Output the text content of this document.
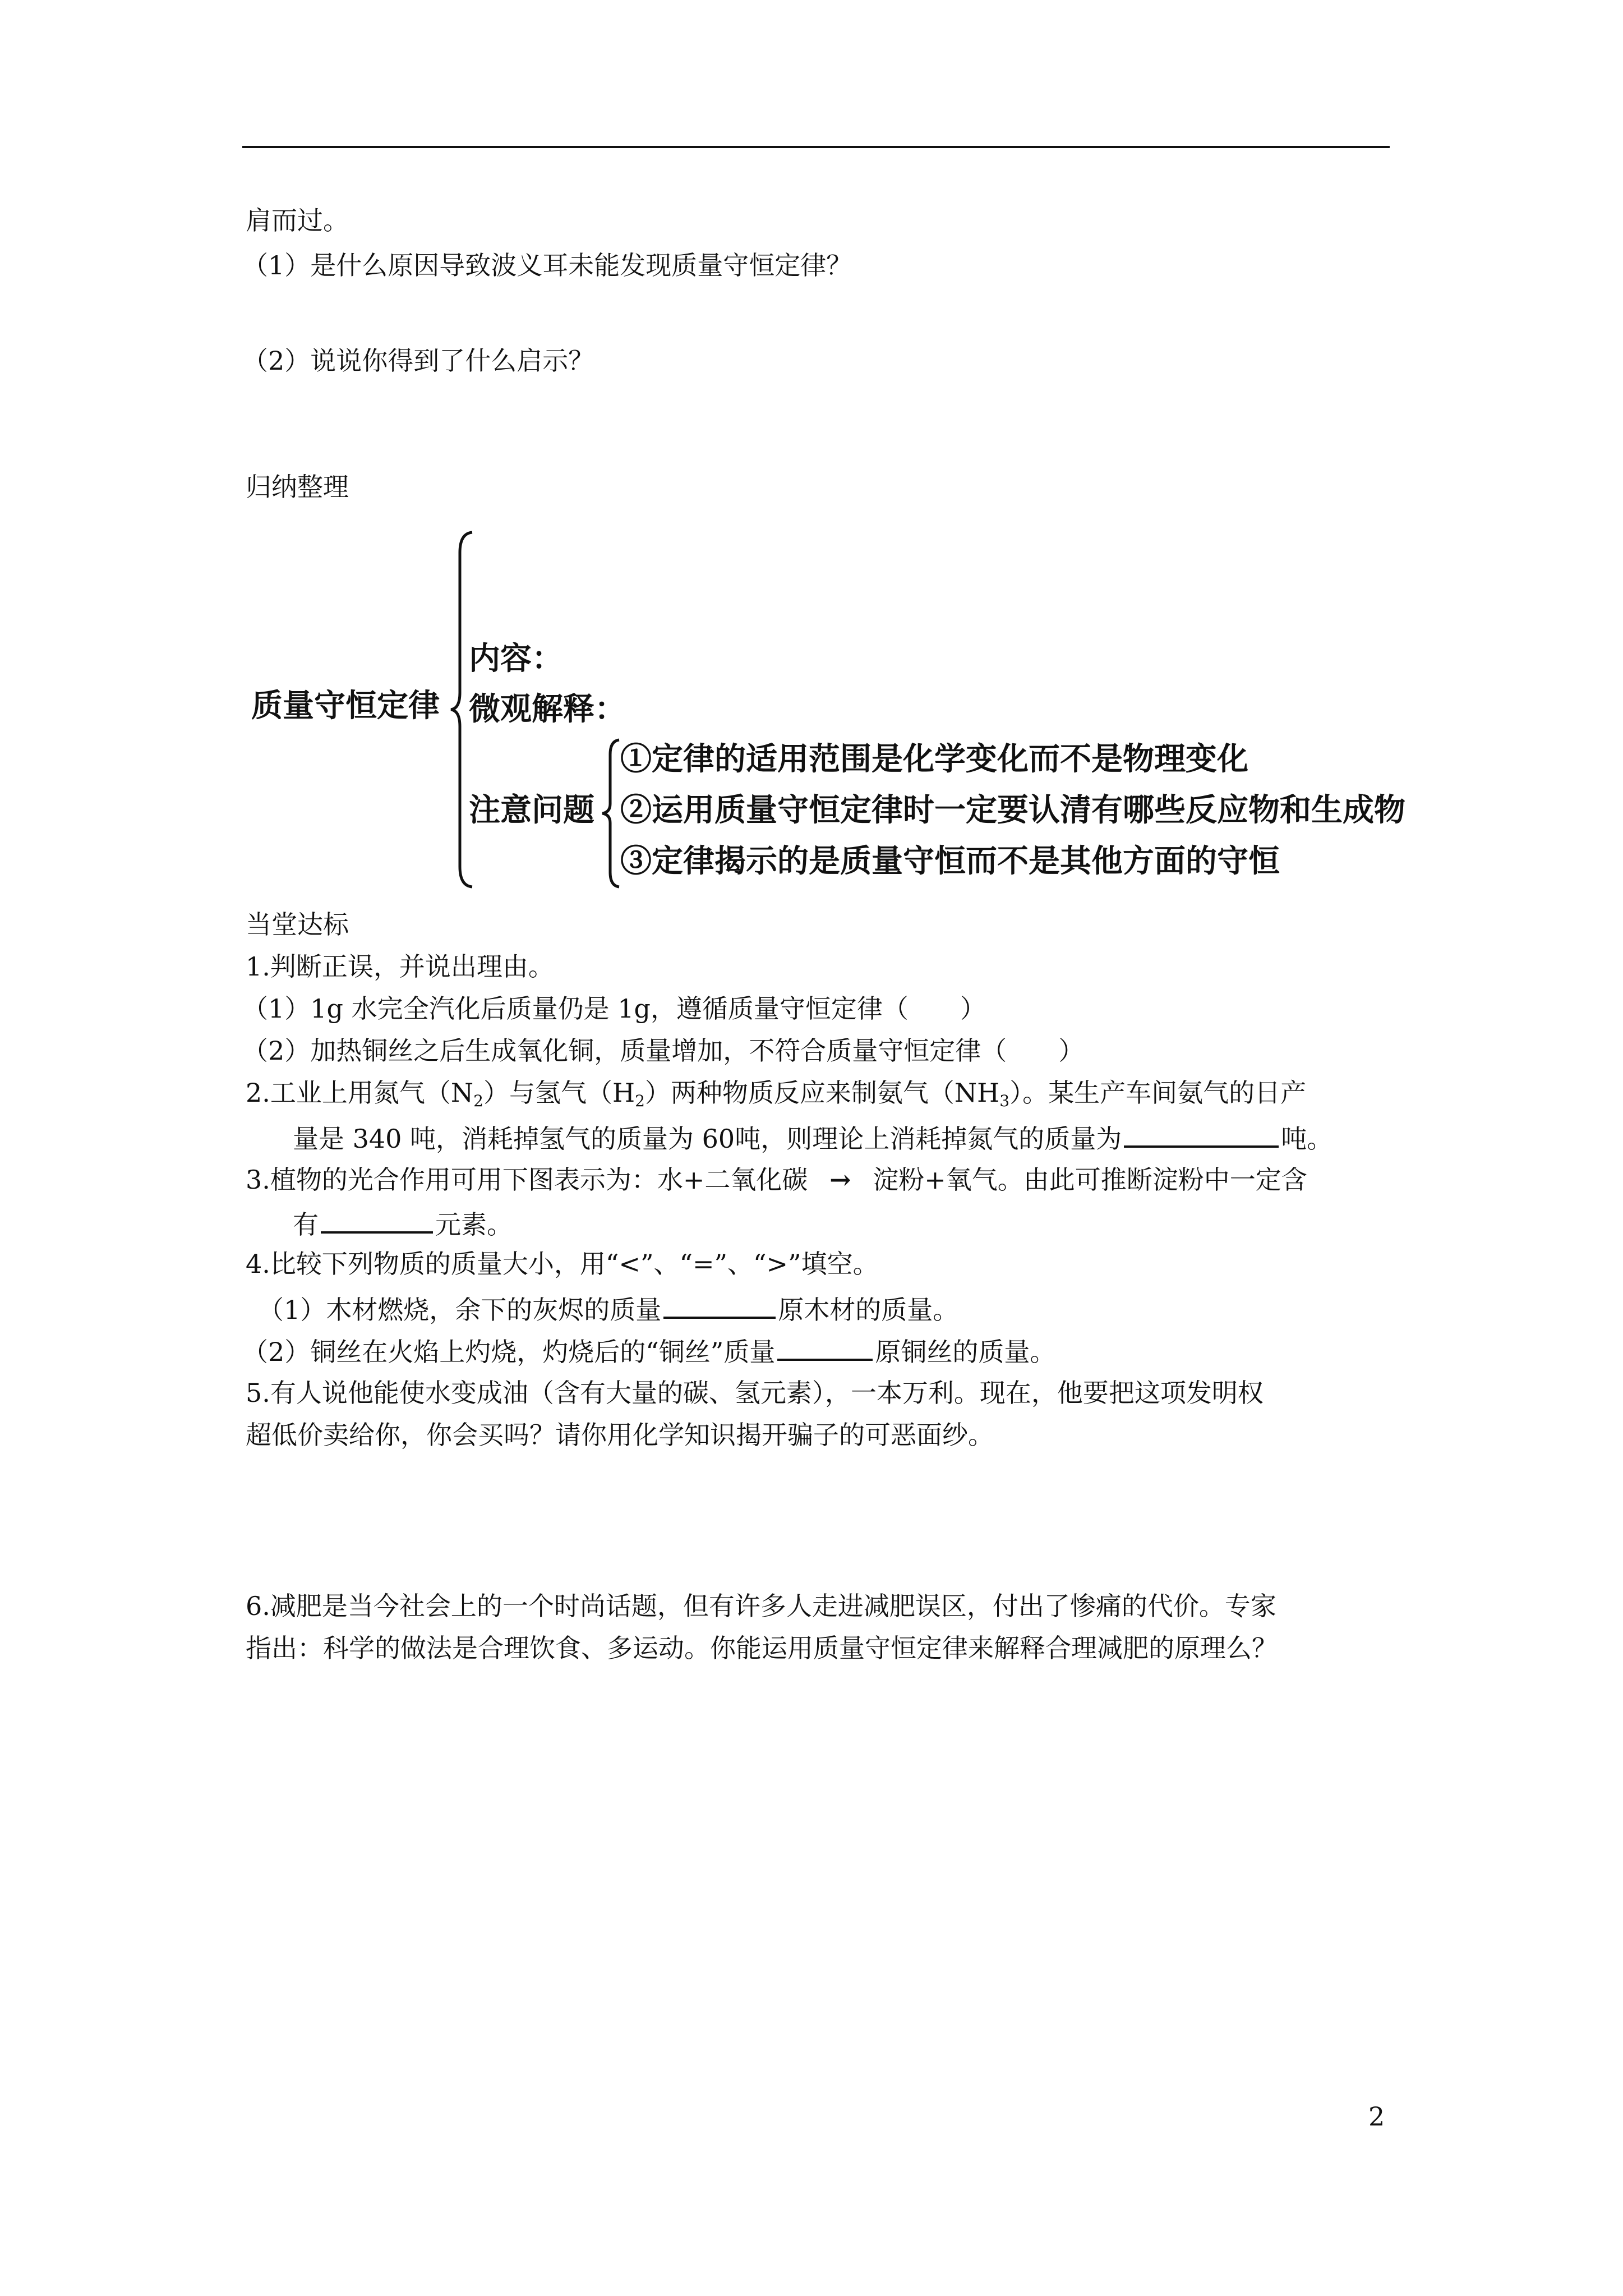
肩而过。
（1）是什么原因导致波义耳未能发现质量守恒定律？
（2）说说你得到了什么启示？
归纳整理
质量守恒定律
内容：
微观解释：
注意问题
①定律的适用范围是化学变化而不是物理变化
②运用质量守恒定律时一定要认清有哪些反应物和生成物
③定律揭示的是质量守恒而不是其他方面的守恒
当堂达标
1.判断正误，并说出理由。
（1）1g 水完全汽化后质量仍是 1g，遵循质量守恒定律（　　）
（2）加热铜丝之后生成氧化铜，质量增加，不符合质量守恒定律（　　）
2.工业上用氮气$(N_2)$与氢气$(H_2)$两种物质反应来制氨气$(NH_3)$。某生产车间氨气的日产
量是 340 吨，消耗掉氢气的质量为 60吨，则理论上消耗掉氮气的质量为	吨。
3.植物的光合作用可用下图表示为：水+二氧化碳 → 淀粉+氧气。由此可推断淀粉中一定含
有	元素。
4.比较下列物质的质量大小，用“<”、“=”、“>”填空。
（1）木材燃烧，余下的灰烬的质量	原木材的质量。
（2）铜丝在火焰上灼烧，灼烧后的“铜丝”质量	原铜丝的质量。
5.有人说他能使水变成油（含有大量的碳、氢元素），一本万利。现在，他要把这项发明权
超低价卖给你，你会买吗？请你用化学知识揭开骗子的可恶面纱。
6.减肥是当今社会上的一个时尚话题，但有许多人走进减肥误区，付出了惨痛的代价。专家
指出：科学的做法是合理饮食、多运动。你能运用质量守恒定律来解释合理减肥的原理么？
2
